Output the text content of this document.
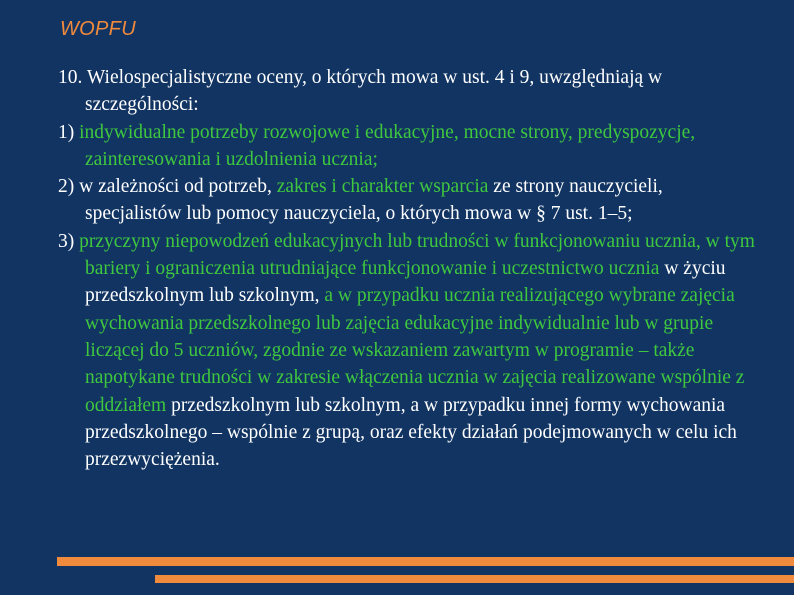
WOPFU

10. Wielospecjalistyczne oceny, o których mowa w ust. 4 i 9, uwzględniają w szczególności:

1) indywidualne potrzeby rozwojowe i edukacyjne, mocne strony, predyspozycje, zainteresowania i uzdolnienia ucznia;

2) w zależności od potrzeb, zakres i charakter wsparcia ze strony nauczycieli, specjalistów lub pomocy nauczyciela, o których mowa w § 7 ust. 1–5;

3) przyczyny niepowodzeń edukacyjnych lub trudności w funkcjonowaniu ucznia, w tym bariery i ograniczenia utrudniające funkcjonowanie i uczestnictwo ucznia w życiu przedszkolnym lub szkolnym, a w przypadku ucznia realizującego wybrane zajęcia wychowania przedszkolnego lub zajęcia edukacyjne indywidualnie lub w grupie liczącej do 5 uczniów, zgodnie ze wskazaniem zawartym w programie – także napotykane trudności w zakresie włączenia ucznia w zajęcia realizowane wspólnie z oddziałem przedszkolnym lub szkolnym, a w przypadku innej formy wychowania przedszkolnego – wspólnie z grupą, oraz efekty działań podejmowanych w celu ich przezwyciężenia.
